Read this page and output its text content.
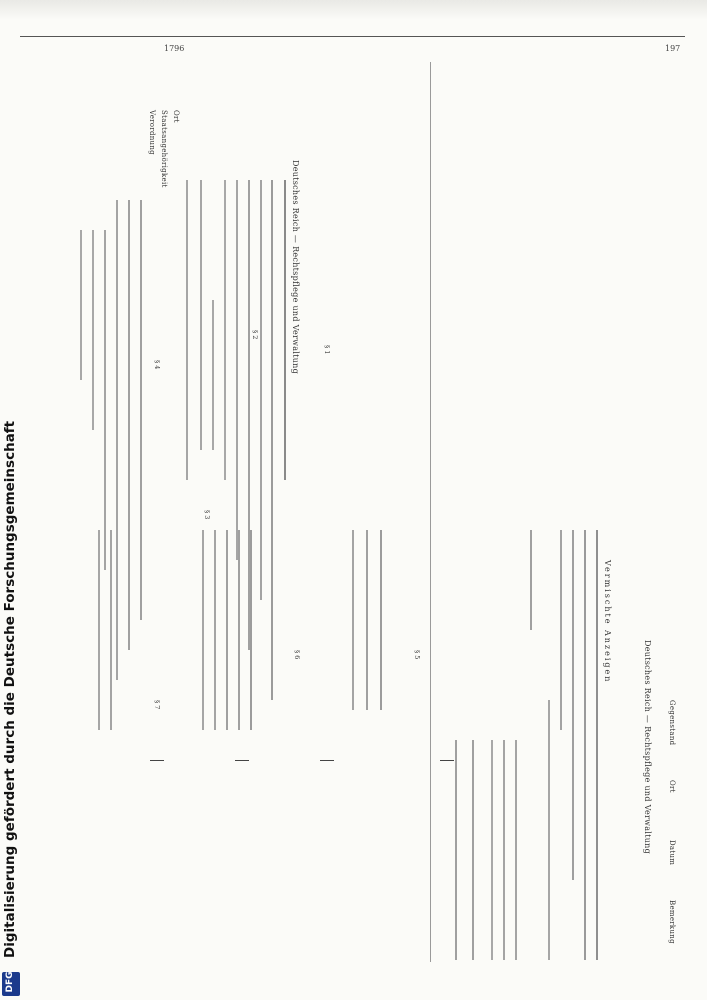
1796	197
Deutsches Reich — Rechtspflege und Verwaltung
Ort
Staatsangehörigkeit
Verordnung
§ 1
§ 2
§ 3
§ 4
Deutsches Reich — Rechtspflege und Verwaltung
Vermischte Anzeigen
Gegenstand
Ort
Datum
Bemerkung
§ 5
§ 6
§ 7
Digitalisierung gefördert durch die Deutsche Forschungsgemeinschaft
DFG
